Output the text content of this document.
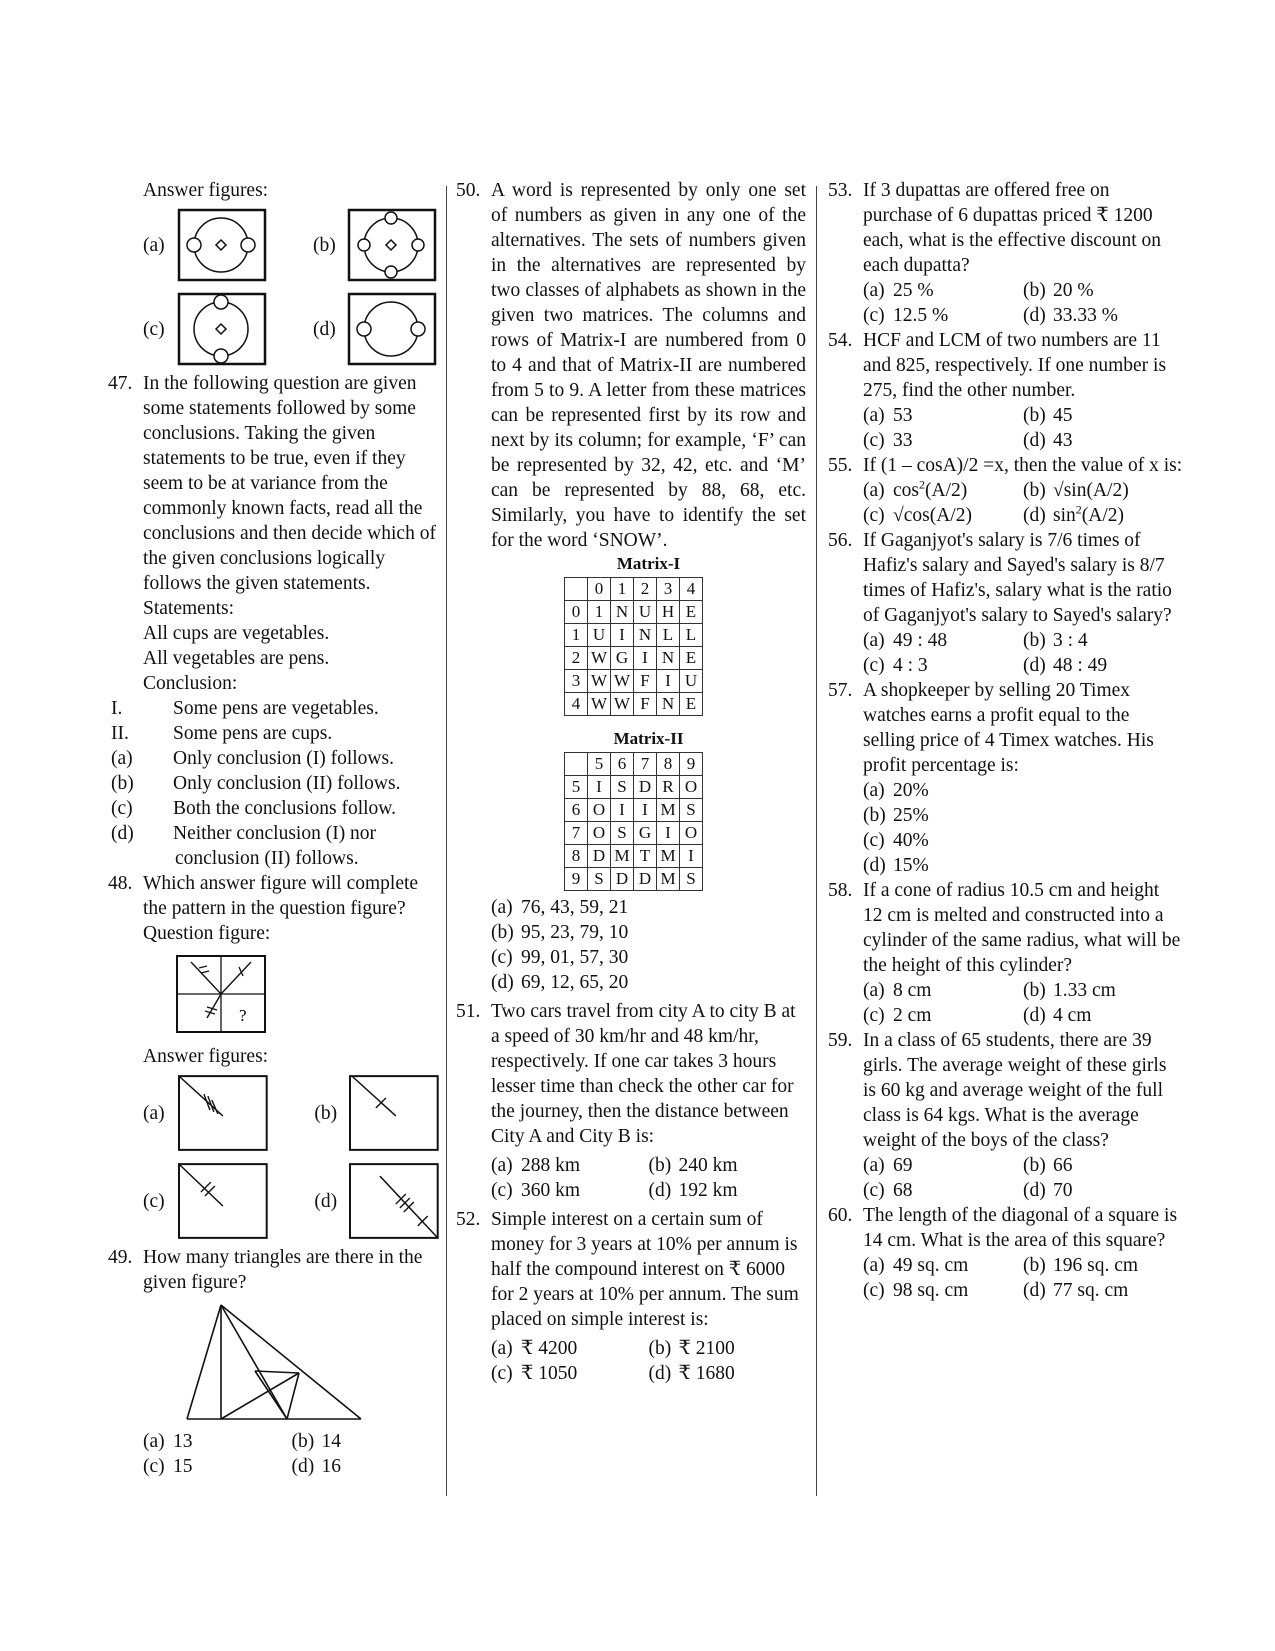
Answer figures:

(a)	(b)
(c)	(d)
47. In the following question are given some statements followed by some conclusions. Taking the given statements to be true, even if they seem to be at variance from the commonly known facts, read all the conclusions and then decide which of the given conclusions logically follows the given statements.

Statements:

All cups are vegetables.

All vegetables are pens.

Conclusion:

I.	Some pens are vegetables.
II. Some pens are cups.
(a) Only conclusion (I) follows.
(b) Only conclusion (II) follows.
(c) Both the conclusions follow.
(d) Neither conclusion (I) nor conclusion (II) follows.
48. Which answer figure will complete the pattern in the question figure?

Question figure:

?

Answer figures:

(a)	(b)
(c)	(d)
49. How many triangles are there in the given figure?

(a) 13	(b) 14
(c) 15	(d) 16
50. A word is represented by only one set of numbers as given in any one of the alternatives. The sets of numbers given in the alternatives are represented by two classes of alphabets as shown in the given two matrices. The columns and rows of Matrix-I are numbered from 0 to 4 and that of Matrix-II are numbered from 5 to 9. A letter from these matrices can be represented first by its row and next by its column; for example, ‘F’ can be represented by 32, 42, etc. and ‘M’ can be represented by 88, 68, etc. Similarly, you have to identify the set for the word ‘SNOW’.

Matrix-I

	0	1	2	3	4
0	1	N	U	H	E
1	U	I	N	L	L
2	W	G	I	N	E
3	W	W	F	I	U
4	W	W	F	N	E

Matrix-II

	5	6	7	8	9
5	I	S	D	R	O
6	O	I	I	M	S
7	O	S	G	I	O
8	D	M	T	M	I
9	S	D	D	M	S
(a) 76, 43, 59, 21
(b) 95, 23, 79, 10
(c) 99, 01, 57, 30
(d) 69, 12, 65, 20
51. Two cars travel from city A to city B at a speed of 30 km/hr and 48 km/hr, respectively. If one car takes 3 hours lesser time than check the other car for the journey, then the distance between City A and City B is:

(a) 288 km	(b) 240 km
(c) 360 km	(d) 192 km
52. Simple interest on a certain sum of money for 3 years at 10% per annum is half the compound interest on ₹ 6000 for 2 years at 10% per annum. The sum placed on simple interest is:

(a) ₹ 4200	(b) ₹ 2100
(c) ₹ 1050	(d) ₹ 1680
53. If 3 dupattas are offered free on purchase of 6 dupattas priced ₹ 1200 each, what is the effective discount on each dupatta?

(a) 25 %	(b) 20 %
(c) 12.5 %	(d) 33.33 %
54. HCF and LCM of two numbers are 11 and 825, respectively. If one number is 275, find the other number.

(a) 53	(b) 45
(c) 33	(d) 43
55. If (1 – cosA)/2 =x, then the value of x is:

(a) $\cos^2(A/2)$	(b) √sin(A/2)
(c) √cos(A/2)	(d) $\sin^2(A/2)$
56. If Gaganjyot's salary is 7/6 times of Hafiz's salary and Sayed's salary is 8/7 times of Hafiz's, salary what is the ratio of Gaganjyot's salary to Sayed's salary?

(a) 49 : 48	(b) 3 : 4
(c) 4 : 3	(d) 48 : 49
57. A shopkeeper by selling 20 Timex watches earns a profit equal to the selling price of 4 Timex watches. His profit percentage is:

(a) 20%
(b) 25%
(c) 40%
(d) 15%
58. If a cone of radius 10.5 cm and height 12 cm is melted and constructed into a cylinder of the same radius, what will be the height of this cylinder?

(a) 8 cm	(b) 1.33 cm
(c) 2 cm	(d) 4 cm
59. In a class of 65 students, there are 39 girls. The average weight of these girls is 60 kg and average weight of the full class is 64 kgs. What is the average weight of the boys of the class?

(a) 69	(b) 66
(c) 68	(d) 70
60. The length of the diagonal of a square is 14 cm. What is the area of this square?

(a) 49 sq. cm	(b) 196 sq. cm
(c) 98 sq. cm	(d) 77 sq. cm
